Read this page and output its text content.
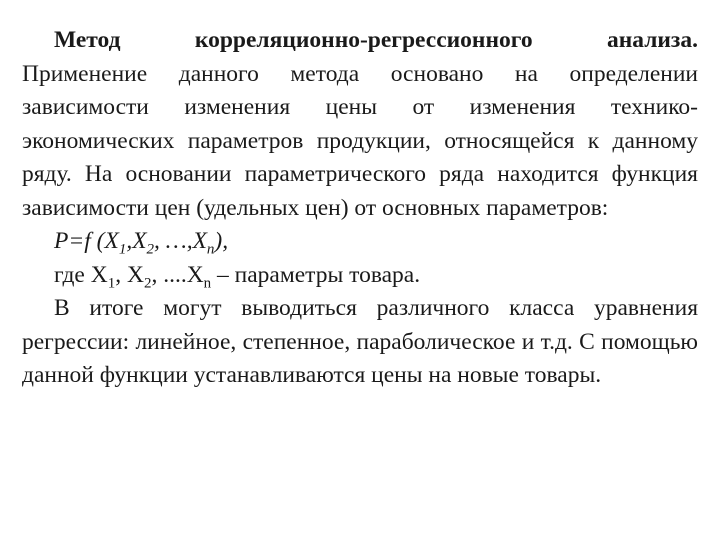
Метод корреляционно-регрессионного анализа. Применение данного метода основано на определении зависимости изменения цены от изменения технико-экономических параметров продукции, относящейся к данному ряду. На основании параметрического ряда находится функция зависимости цен (удельных цен) от основных параметров:

P=f ($X_1,X_2$, $\dots,X_n$),

где $X_1$, $X_2$, $....X_n$ – параметры товара.

В итоге могут выводиться различного класса уравнения регрессии: линейное, степенное, параболическое и т.д. С помощью данной функции устанавливаются цены на новые товары.
